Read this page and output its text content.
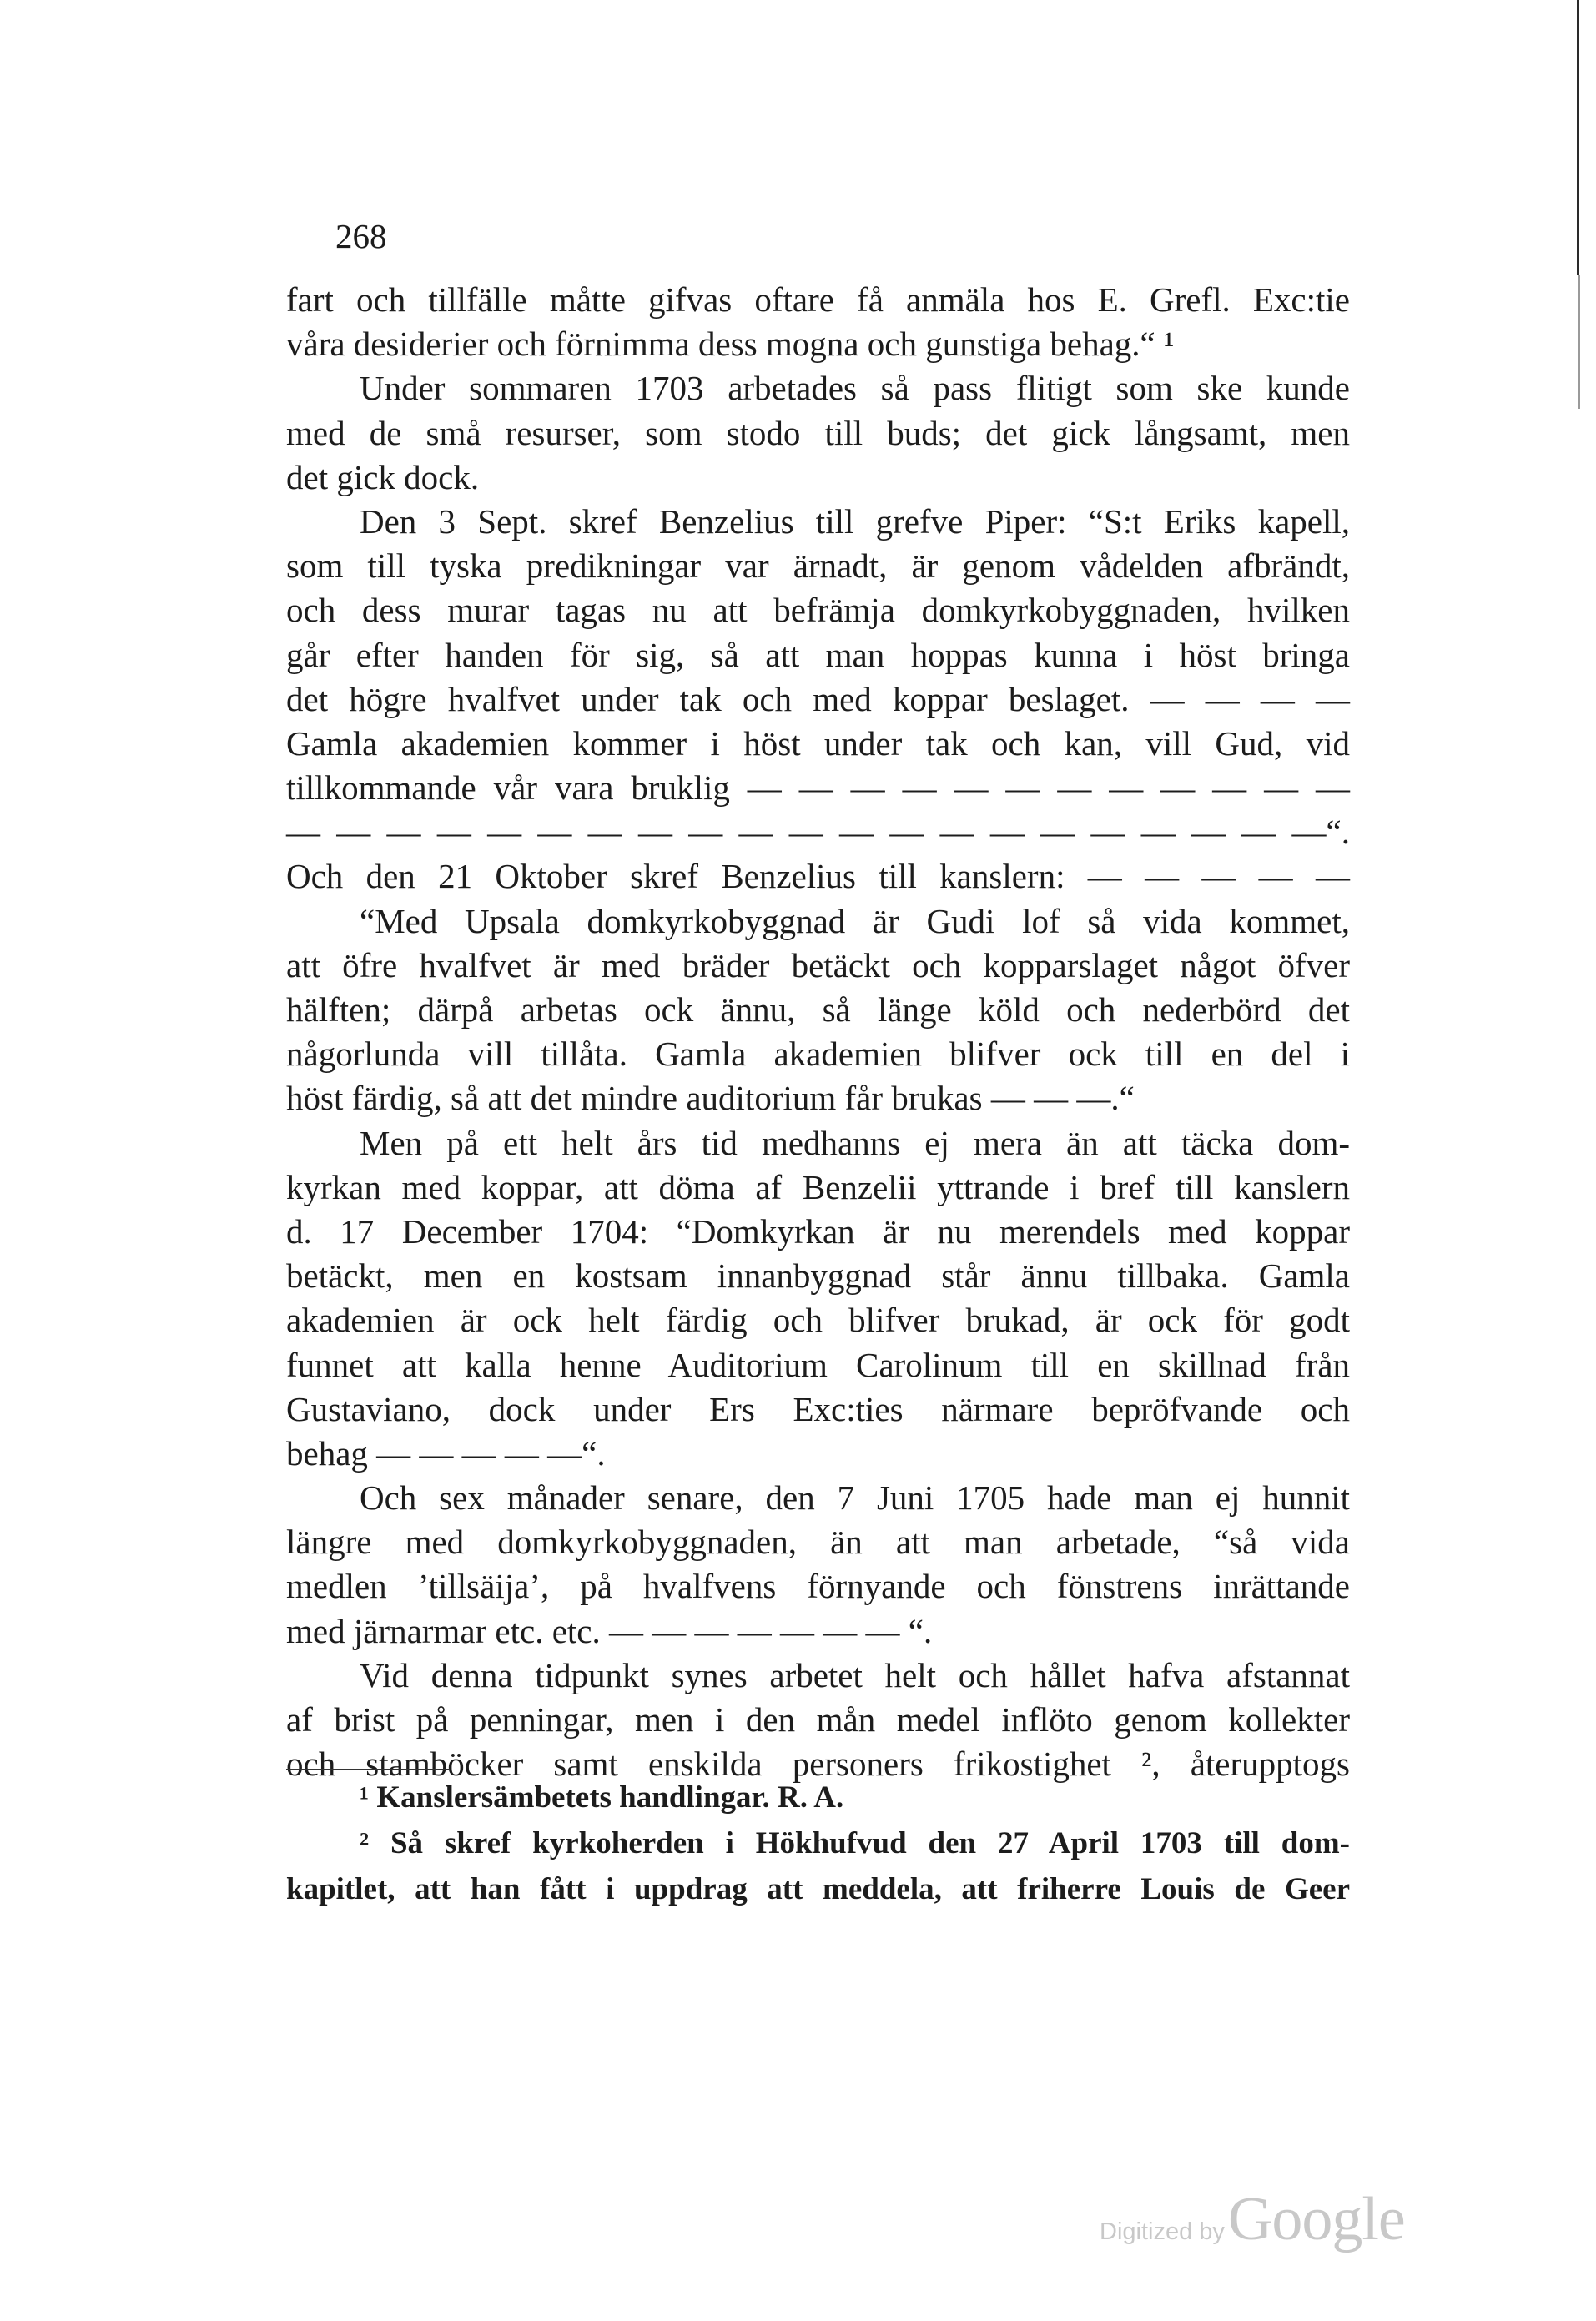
268
fart och tillfälle måtte gifvas oftare få anmäla hos E. Grefl. Exc:tie
våra desiderier och förnimma dess mogna och gunstiga behag.“ ¹
Under sommaren 1703 arbetades så pass flitigt som ske kunde
med de små resurser, som stodo till buds; det gick långsamt, men
det gick dock.
Den 3 Sept. skref Benzelius till grefve Piper: “S:t Eriks kapell,
som till tyska predikningar var ärnadt, är genom vådelden afbrändt,
och dess murar tagas nu att befrämja domkyrkobyggnaden, hvilken
går efter handen för sig, så att man hoppas kunna i höst bringa
det högre hvalfvet under tak och med koppar beslaget. — — — —
Gamla akademien kommer i höst under tak och kan, vill Gud, vid
tillkommande vår vara bruklig — — — — — — — — — — — —
— — — — — — — — — — — — — — — — — — — — —“.
Och den 21 Oktober skref Benzelius till kanslern: — — — — —
“Med Upsala domkyrkobyggnad är Gudi lof så vida kommet,
att öfre hvalfvet är med bräder betäckt och kopparslaget något öfver
hälften; därpå arbetas ock ännu, så länge köld och nederbörd det
någorlunda vill tillåta. Gamla akademien blifver ock till en del i
höst färdig, så att det mindre auditorium får brukas — — —.“
Men på ett helt års tid medhanns ej mera än att täcka dom-
kyrkan med koppar, att döma af Benzelii yttrande i bref till kanslern
d. 17 December 1704: “Domkyrkan är nu merendels med koppar
betäckt, men en kostsam innanbyggnad står ännu tillbaka. Gamla
akademien är ock helt färdig och blifver brukad, är ock för godt
funnet att kalla henne Auditorium Carolinum till en skillnad från
Gustaviano, dock under Ers Exc:ties närmare bepröfvande och
behag — — — — —“.
Och sex månader senare, den 7 Juni 1705 hade man ej hunnit
längre med domkyrkobyggnaden, än att man arbetade, “så vida
medlen ’tillsäija’, på hvalfvens förnyande och fönstrens inrättande
med järnarmar etc. etc. — — — — — — — “.
Vid denna tidpunkt synes arbetet helt och hållet hafva afstannat
af brist på penningar, men i den mån medel inflöto genom kollekter
och stamböcker samt enskilda personers frikostighet ², återupptogs
¹ Kanslersämbetets handlingar. R. A.
² Så skref kyrkoherden i Hökhufvud den 27 April 1703 till dom-
kapitlet, att han fått i uppdrag att meddela, att friherre Louis de Geer
Digitized by Google
